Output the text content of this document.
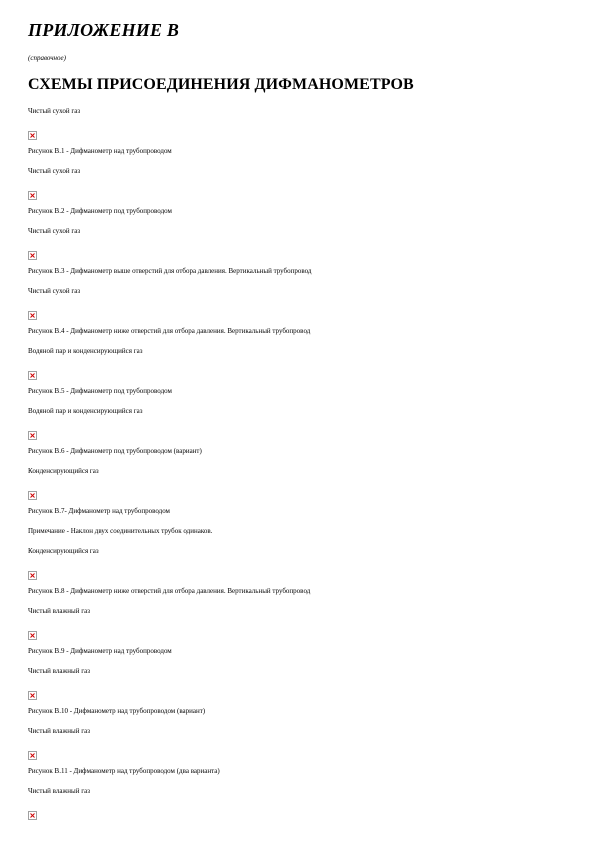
ПРИЛОЖЕНИЕ В
(справочное)
СХЕМЫ ПРИСОЕДИНЕНИЯ ДИФМАНОМЕТРОВ
Чистый сухой газ
Рисунок В.1 - Дифманометр над трубопроводом
Чистый сухой газ
Рисунок В.2 - Дифманометр под трубопроводом
Чистый сухой газ
Рисунок В.3 - Дифманометр выше отверстий для отбора давления. Вертикальный трубопровод
Чистый сухой газ
Рисунок В.4 - Дифманометр ниже отверстий для отбора давления. Вертикальный трубопровод
Водяной пар и конденсирующийся газ
Рисунок В.5 - Дифманометр под трубопроводом
Водяной пар и конденсирующийся газ
Рисунок В.6 - Дифманометр под трубопроводом (вариант)
Конденсирующийся газ
Рисунок В.7- Дифманометр над трубопроводом
Примечание - Наклон двух соединительных трубок одинаков.
Конденсирующийся газ
Рисунок В.8 - Дифманометр ниже отверстий для отбора давления. Вертикальный трубопровод
Чистый влажный газ
Рисунок В.9 - Дифманометр над трубопроводом
Чистый влажный газ
Рисунок В.10 - Дифманометр над трубопроводом (вариант)
Чистый влажный газ
Рисунок В.11 - Дифманометр над трубопроводом (два варианта)
Чистый влажный газ
